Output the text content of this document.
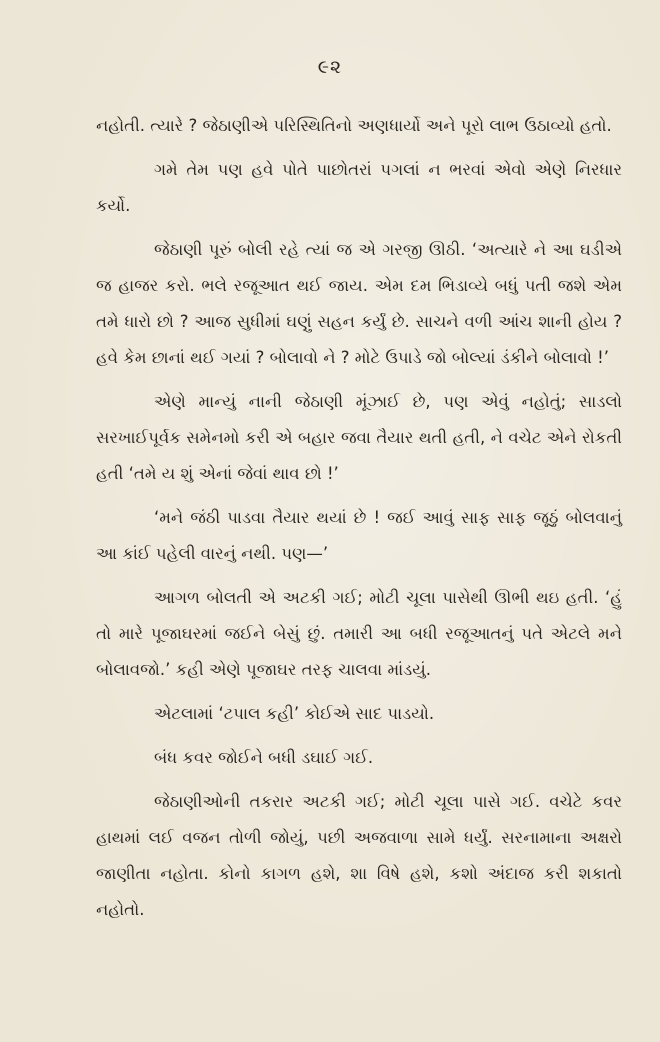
૯૨

નહોતી. ત્યારે ? જેઠાણીએ પરિસ્થિતિનો અણધાર્યો અને પૂરો લાભ ઉઠાવ્યો હતો.

ગમે તેમ પણ હવે પોતે પાછોતરાં પગલાં ન ભરવાં એવો એણે નિરધાર કર્યો.

જેઠાણી પૂરું બોલી રહે ત્યાં જ એ ગરજી ઊઠી. ‘અત્યારે ને આ ઘડીએ જ હાજર કરો. ભલે રજૂઆત થઈ જાય. એમ દમ ભિડાવ્યે બધું પતી જશે એમ તમે ધારો છો ? આજ સુધીમાં ઘણું સહન કર્યું છે. સાચને વળી આંચ શાની હોય ? હવે કેમ છાનાં થઈ ગયાં ? બોલાવો ને ? મોટે ઉપાડે જો બોલ્યાં ડંકીને બોલાવો !’

એણે માન્યું નાની જેઠાણી મૂંઝાઈ છે, પણ એવું નહોતું; સાડલો સરખાઈપૂર્વક સમેનમો કરી એ બહાર જવા તૈયાર થતી હતી, ને વચેટ એને રોકતી હતી ‘તમે ય શું એનાં જેવાં થાવ છો !’

‘મને જંઠી પાડવા તૈયાર થયાં છે ! જઈ આવું સાફ સાફ જૂઠું બોલવાનું આ કાંઈ પહેલી વારનું નથી. પણ—’

આગળ બોલતી એ અટકી ગઈ; મોટી ચૂલા પાસેથી ઊભી થઇ હતી. ‘હું તો મારે પૂજાઘરમાં જઈને બેસું છું. તમારી આ બધી રજૂઆતનું પતે એટલે મને બોલાવજો.’ કહી એણે પૂજાઘર તરફ ચાલવા માંડયું.

એટલામાં ‘ટપાલ કહી’ કોઈએ સાદ પાડયો.

બંધ કવર જોઈને બધી ડઘાઈ ગઈ.

જેઠાણીઓની તકરાર અટકી ગઈ; મોટી ચૂલા પાસે ગઈ. વચેટે કવર હાથમાં લઈ વજન તોળી જોયું, પછી અજવાળા સામે ધર્યું. સરનામાના અક્ષરો જાણીતા નહોતા. કોનો કાગળ હશે, શા વિષે હશે, કશો અંદાજ કરી શકાતો નહોતો.
